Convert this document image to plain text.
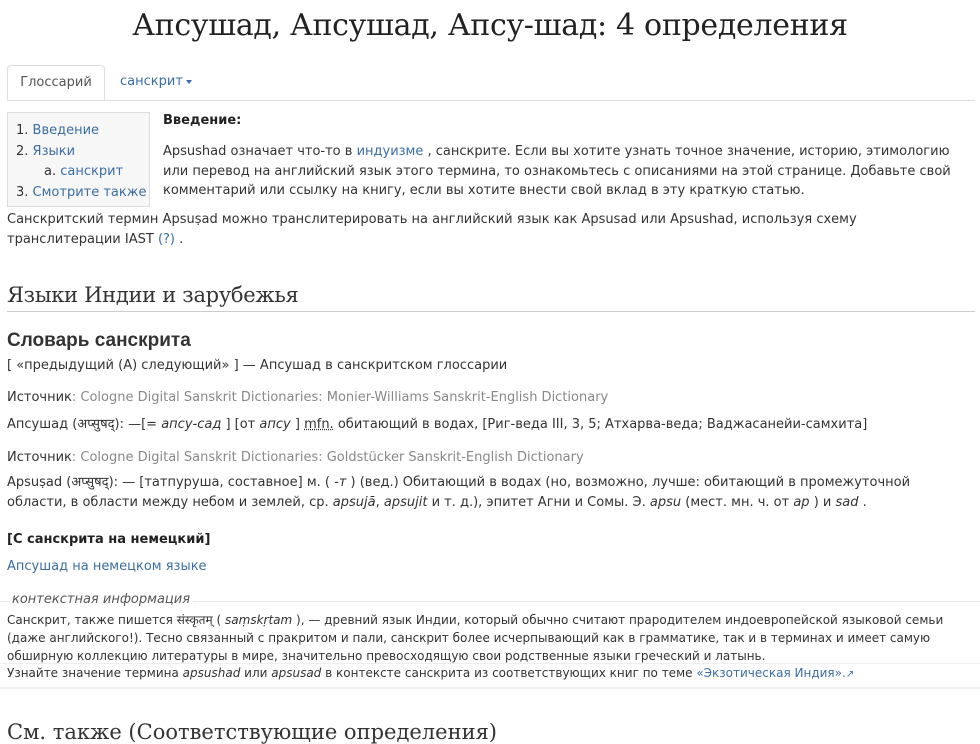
Апсушад, Апсушад, Апсу-шад: 4 определения
Глоссарий	санскрит
1. Введение
2. Языки
a. санскрит
3. Смотрите также
Введение:
Apsushad означает что-то в индуизме , санскрите. Если вы хотите узнать точное значение, историю, этимологию или перевод на английский язык этого термина, то ознакомьтесь с описаниями на этой странице. Добавьте свой комментарий или ссылку на книгу, если вы хотите внести свой вклад в эту краткую статью.
Санскритский термин Apsuṣad можно транслитерировать на английский язык как Apsusad или Apsushad, используя схему транслитерации IAST (?) .
Языки Индии и зарубежья
Словарь санскрита
[ «предыдущий (A) следующий» ] — Апсушад в санскритском глоссарии
Источник: Cologne Digital Sanskrit Dictionaries: Monier-Williams Sanskrit-English Dictionary
Апсушад (अप्सुषद्): —[= апсу-сад ] [от апсу ] mfn. обитающий в водах, [Риг-веда III, 3, 5; Атхарва-веда; Ваджасанейи-самхита]
Источник: Cologne Digital Sanskrit Dictionaries: Goldstücker Sanskrit-English Dictionary
Apsuṣad (अप्सुषद्): — [татпуруша, составное] м. ( -т ) (вед.) Обитающий в водах (но, возможно, лучше: обитающий в промежуточной области, в области между небом и землей, ср. apsujā, apsujit и т. д.), эпитет Агни и Сомы. Э. apsu (мест. мн. ч. от ap ) и sad .
[С санскрита на немецкий]
Апсушад на немецком языке
контекстная информация
Санскрит, также пишется संस्कृतम् ( saṃskṛtam ), — древний язык Индии, который обычно считают прародителем индоевропейской языковой семьи (даже английского!). Тесно связанный с пракритом и пали, санскрит более исчерпывающий как в грамматике, так и в терминах и имеет самую обширную коллекцию литературы в мире, значительно превосходящую свои родственные языки греческий и латынь.
Узнайте значение термина apsushad или apsusad в контексте санскрита из соответствующих книг по теме «Экзотическая Индия».↗
См. также (Соответствующие определения)
